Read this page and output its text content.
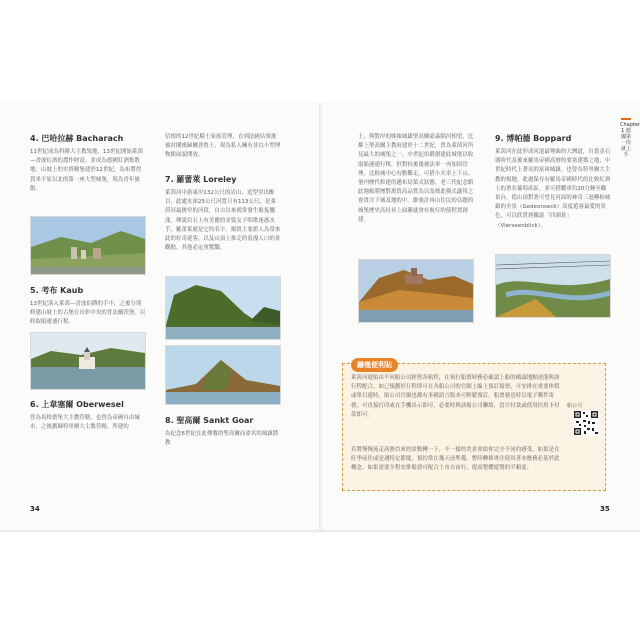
4. 巴哈拉赫 Bacharach

11世紀成為科隆大主教領地，13世紀開始萊茵—香波紅酒的農作財富。並成為德國紅酒集散地，山坡上的史塔爾堡建於12世紀，為布將得賀米平原以北的第一座大型城堡，現為青年旅館。

5. 考布 Kaub

13世紀落入萊茵—香波伯爵的手中，之後分別修建山坡上的古堡在長彰中央的普法爾茨堡，以收取船運通行稅。

6. 上韋塞爾 Oberwesel

曾為馬格德堡大主教管轄，也曾為帝國自由城市，之後劃歸特里爾大主教管轄，所建的

信德的12世紀騎士家族管理，直到法國佔領後被封闉後歸屬普魯士，現為私人擁有並以小型博物館面貌開放。

7. 羅蕾萊 Loreley

萊茵河中游東岸132公尺的岩山，造型突出醒目，此處水深25公尺河寬只有113公尺，是萊茵河最狹窄的河段，自古以來就常發生船隻擱淺，傳說岩石上有美麗的金髮女子唱歌迷惑水手，羅蕾萊就是它的名字。揚毀主要派人為常來此的好奇遊客，以及山頂上推走的浪漫人口的景觀點，其他必定會驚豔。

8. 聖高爾 Sankt Goar

為紀念6世紀在此傳教的聖高爾而命名的城鎮將教

34

士，與對岸的姊妹城鎮聖高爾豪森隔河相望，比鄰上聖高爾主教府建於十二世紀，曾為萊茵河所見最大的城堡之一。中世紀伯爵創建此城堡以收取船運通行稅，但對抗後幾被法軍一再加固管理。比較城中心有點難走，可搭小火車上下山。堡内歷代修建的邁布局第式狀態，老三代紀念館此地級爬歷對萬賀高品質為以及彼此模式適用之會貫注下城及地的中。維強計再山往民的佔題的城堡歷史高持昇上面漸就會有航行的使程置創建。

9. 博帕德 Boppard

萊茵河在此形成河道最彎曲的大灣道，自黃金石器時代及後來羅馬帝國高層的要塞建築之地，中世紀時代上著名的富裕城鎮。也曾為特里爾大主教的領地。此處保存有羅馬帝國時代的比較紅酒上的著名葡萄產區。並可搭纜車約20分鐘至觀景台，從山頂對著可望見河面的神奇三迴轉和城鎮的全景（Gedeonseck）高度遊客最愛的景色，可以欣賞到據說「四湖景」（Vierseenblick）。

鑄幾便利貼

萊茵河遊船由不同船公司經營各航程，在預打船票時務必確認上船的碼頭地點達能與該行程配合。如已規劃好行程即可在各船公司的官網上線上預訂船票，可安排在重要休假或單日遊時，船公司官網也都有多國語言版本可輕鬆預訂。船票發送時以電子郵件寄發，可直接打印或在手機出示即可，必要時與該船公司聯絡，當日付款或使用信用卡付款即可。

若將慢慢流走高賽員來的景點轉一下，不一樣的美景會給你完全不同的感受，如果是在旺季前往或是遇特定節慶，預約常在幾天前準備，暫時轉移專注使用者亦應務必基於此概念。如果需要全程安排船票可配合上市自由行，提高整體遊覽的平順度。

船公司
Chapter 1 德國第一次就上手
35
